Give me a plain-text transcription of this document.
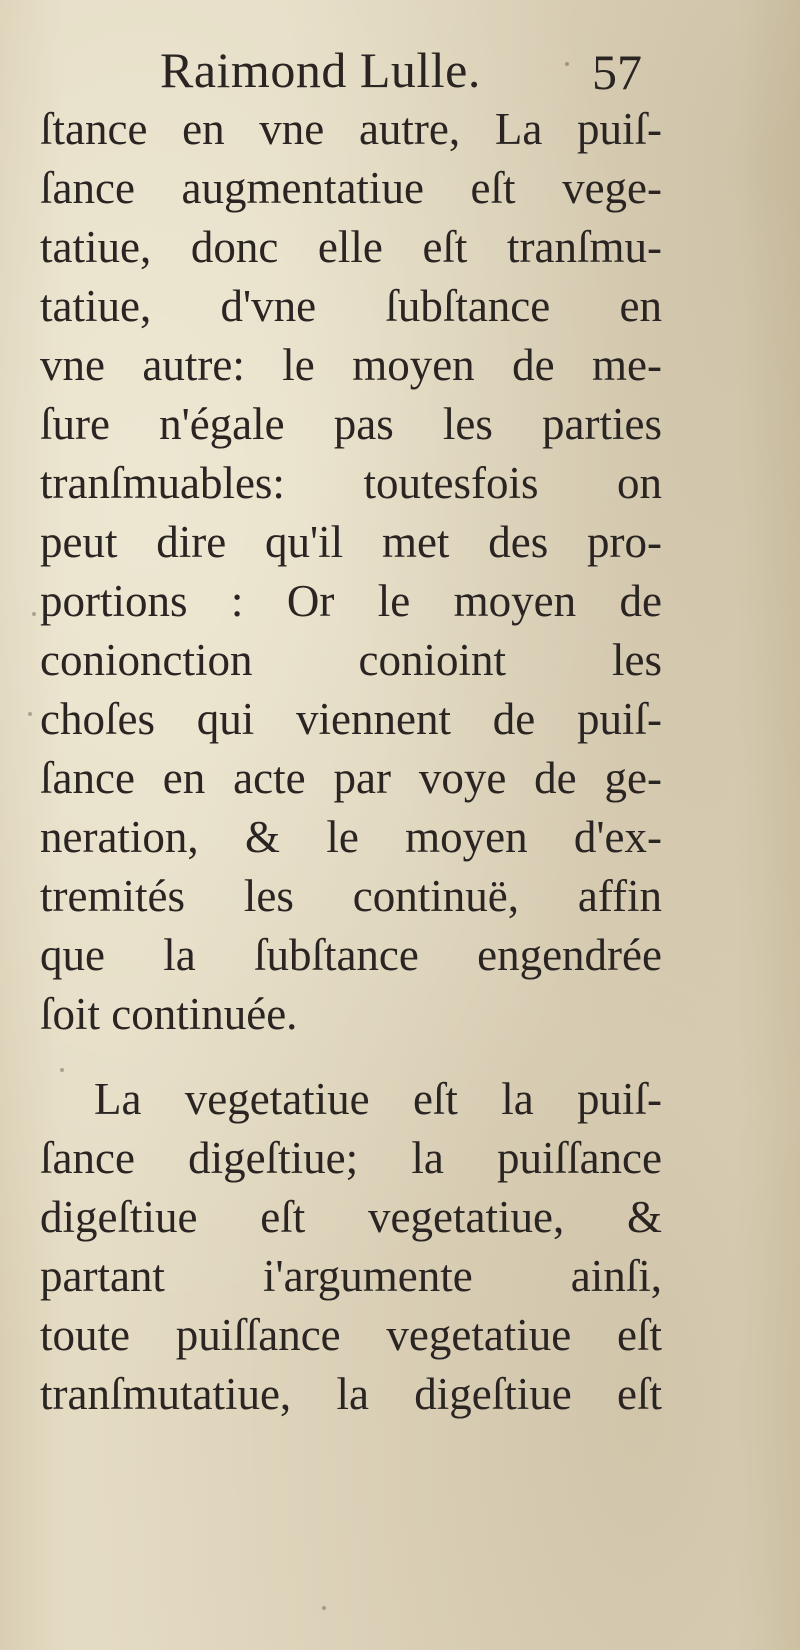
Raimond Lulle. 57
ſtance en vne autre, La puiſ-
ſance augmentatiue eſt vege-
tatiue, donc elle eſt tranſmu-
tatiue, d'vne ſubſtance en
vne autre: le moyen de me-
ſure n'égale pas les parties
tranſmuables: toutesfois on
peut dire qu'il met des pro-
portions : Or le moyen de
conionction conioint les
choſes qui viennent de puiſ-
ſance en acte par voye de ge-
neration, & le moyen d'ex-
tremités les continuë, affin
que la ſubſtance engendrée
ſoit continuée.
La vegetatiue eſt la puiſ-
ſance digeſtiue; la puiſſance
digeſtiue eſt vegetatiue, &
partant i'argumente ainſi,
toute puiſſance vegetatiue eſt
tranſmutatiue, la digeſtiue eſt
